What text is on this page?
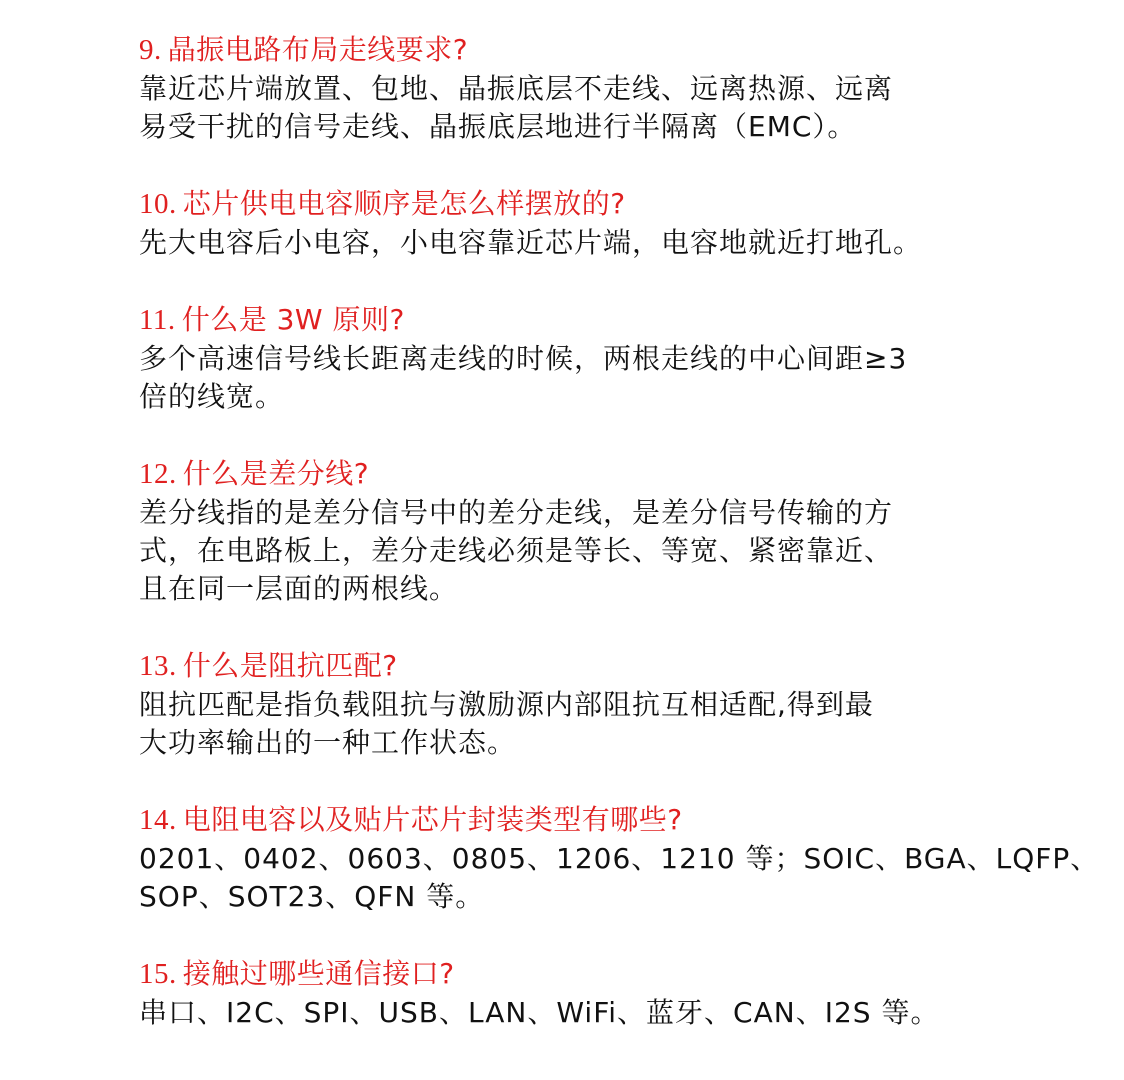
9. 晶振电路布局走线要求?
靠近芯片端放置、包地、晶振底层不走线、远离热源、远离
易受干扰的信号走线、晶振底层地进行半隔离（EMC）。
10. 芯片供电电容顺序是怎么样摆放的?
先大电容后小电容，小电容靠近芯片端，电容地就近打地孔。
11. 什么是 3W 原则?
多个高速信号线长距离走线的时候，两根走线的中心间距≥3
倍的线宽。
12. 什么是差分线?
差分线指的是差分信号中的差分走线，是差分信号传输的方
式，在电路板上，差分走线必须是等长、等宽、紧密靠近、
且在同一层面的两根线。
13. 什么是阻抗匹配?
阻抗匹配是指负载阻抗与激励源内部阻抗互相适配,得到最
大功率输出的一种工作状态。
14. 电阻电容以及贴片芯片封装类型有哪些?
0201、0402、0603、0805、1206、1210 等；SOIC、BGA、LQFP、
SOP、SOT23、QFN 等。
15. 接触过哪些通信接口?
串口、I2C、SPI、USB、LAN、WiFi、蓝牙、CAN、I2S 等。
